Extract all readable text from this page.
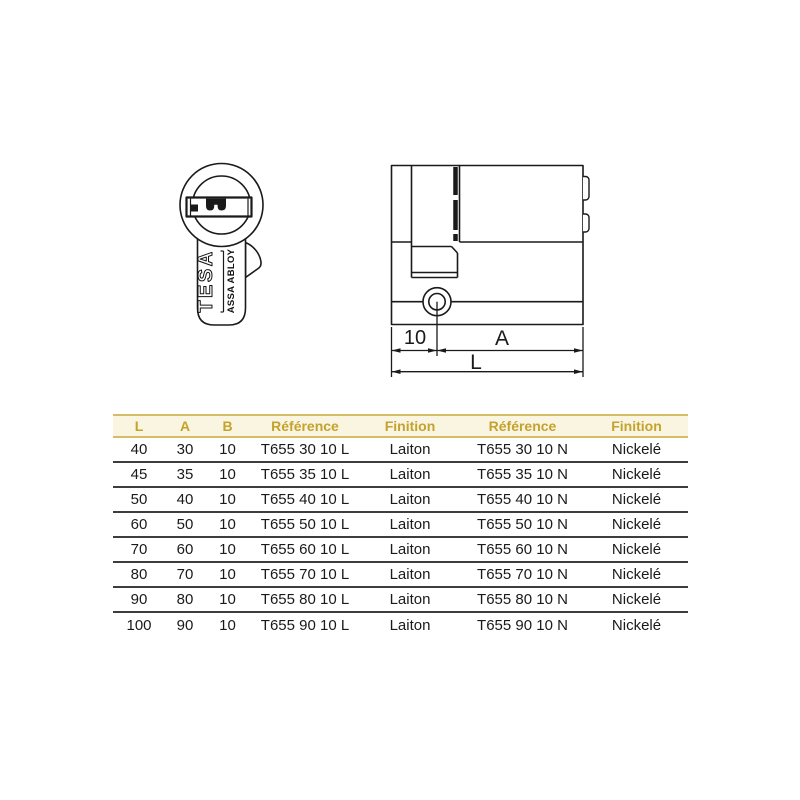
TESA ASSA ABLOY
10	A
L
L	A	B	Référence	Finition	Référence	Finition
40	30	10	T655 30 10 L	Laiton	T655 30 10 N	Nickelé
45	35	10	T655 35 10 L	Laiton	T655 35 10 N	Nickelé
50	40	10	T655 40 10 L	Laiton	T655 40 10 N	Nickelé
60	50	10	T655 50 10 L	Laiton	T655 50 10 N	Nickelé
70	60	10	T655 60 10 L	Laiton	T655 60 10 N	Nickelé
80	70	10	T655 70 10 L	Laiton	T655 70 10 N	Nickelé
90	80	10	T655 80 10 L	Laiton	T655 80 10 N	Nickelé
100	90	10	T655 90 10 L	Laiton	T655 90 10 N	Nickelé
